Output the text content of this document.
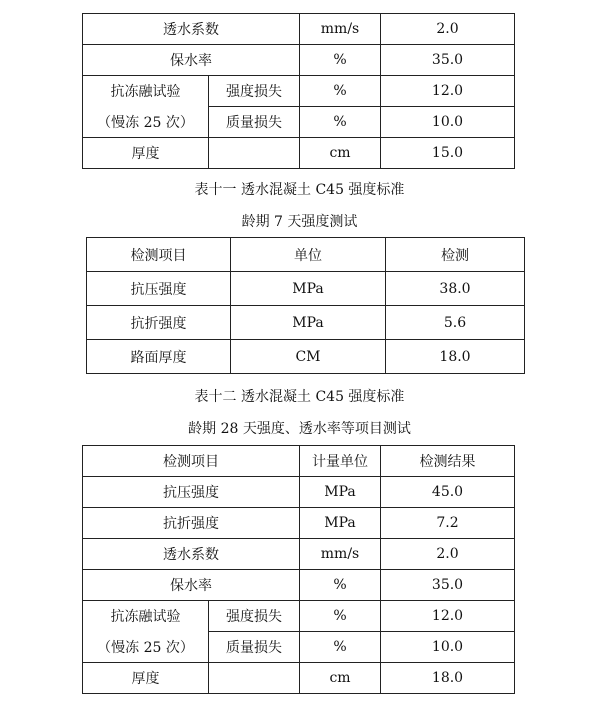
透水系数		mm/s	2.0
保水率		%	35.0
抗冻融试验	强度损失	%	12.0
（慢冻 25 次）	质量损失	%	10.0
厚度		cm	15.0
表十一 透水混凝土 C45 强度标准
龄期 7 天强度测试
检测项目	单位	检测
抗压强度	MPa	38.0
抗折强度	MPa	5.6
路面厚度	CM	18.0
表十二 透水混凝土 C45 强度标准
龄期 28 天强度、透水率等项目测试
检测项目		计量单位	检测结果
抗压强度		MPa	45.0
抗折强度		MPa	7.2
透水系数		mm/s	2.0
保水率		%	35.0
抗冻融试验	强度损失	%	12.0
（慢冻 25 次）	质量损失	%	10.0
厚度		cm	18.0
